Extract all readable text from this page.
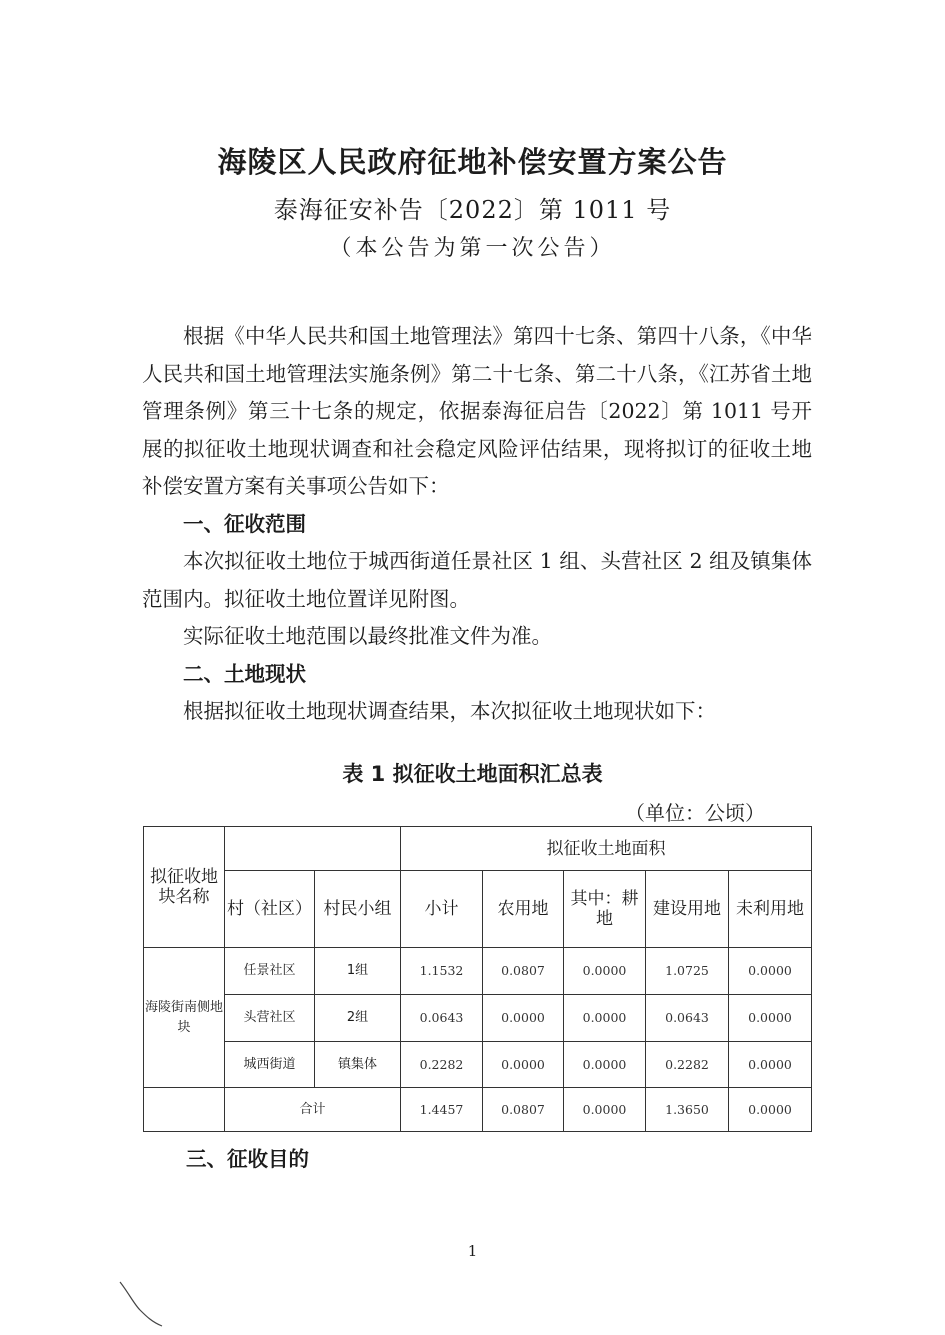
海陵区人民政府征地补偿安置方案公告
泰海征安补告〔2022〕第 1011 号
（本公告为第一次公告）

根据《中华人民共和国土地管理法》第四十七条、第四十八条，《中华人民共和国土地管理法实施条例》第二十七条、第二十八条，《江苏省土地管理条例》第三十七条的规定，依据泰海征启告〔2022〕第 1011 号开展的拟征收土地现状调查和社会稳定风险评估结果，现将拟订的征收土地补偿安置方案有关事项公告如下：

一、征收范围

本次拟征收土地位于城西街道任景社区 1 组、头营社区 2 组及镇集体范围内。拟征收土地位置详见附图。

实际征收土地范围以最终批准文件为准。

二、土地现状

根据拟征收土地现状调查结果，本次拟征收土地现状如下：

表 1 拟征收土地面积汇总表
（单位：公顷）
拟征收地块名称			拟征收土地面积				
	村（社区）	村民小组	小计	农用地	其中：耕地	建设用地	未利用地
海陵街南侧地块	任景社区	1组	1.1532	0.0807	0.0000	1.0725	0.0000
	头营社区	2组	0.0643	0.0000	0.0000	0.0643	0.0000
	城西街道	镇集体	0.2282	0.0000	0.0000	0.2282	0.0000
	合计		1.4457	0.0807	0.0000	1.3650	0.0000
三、征收目的
1
